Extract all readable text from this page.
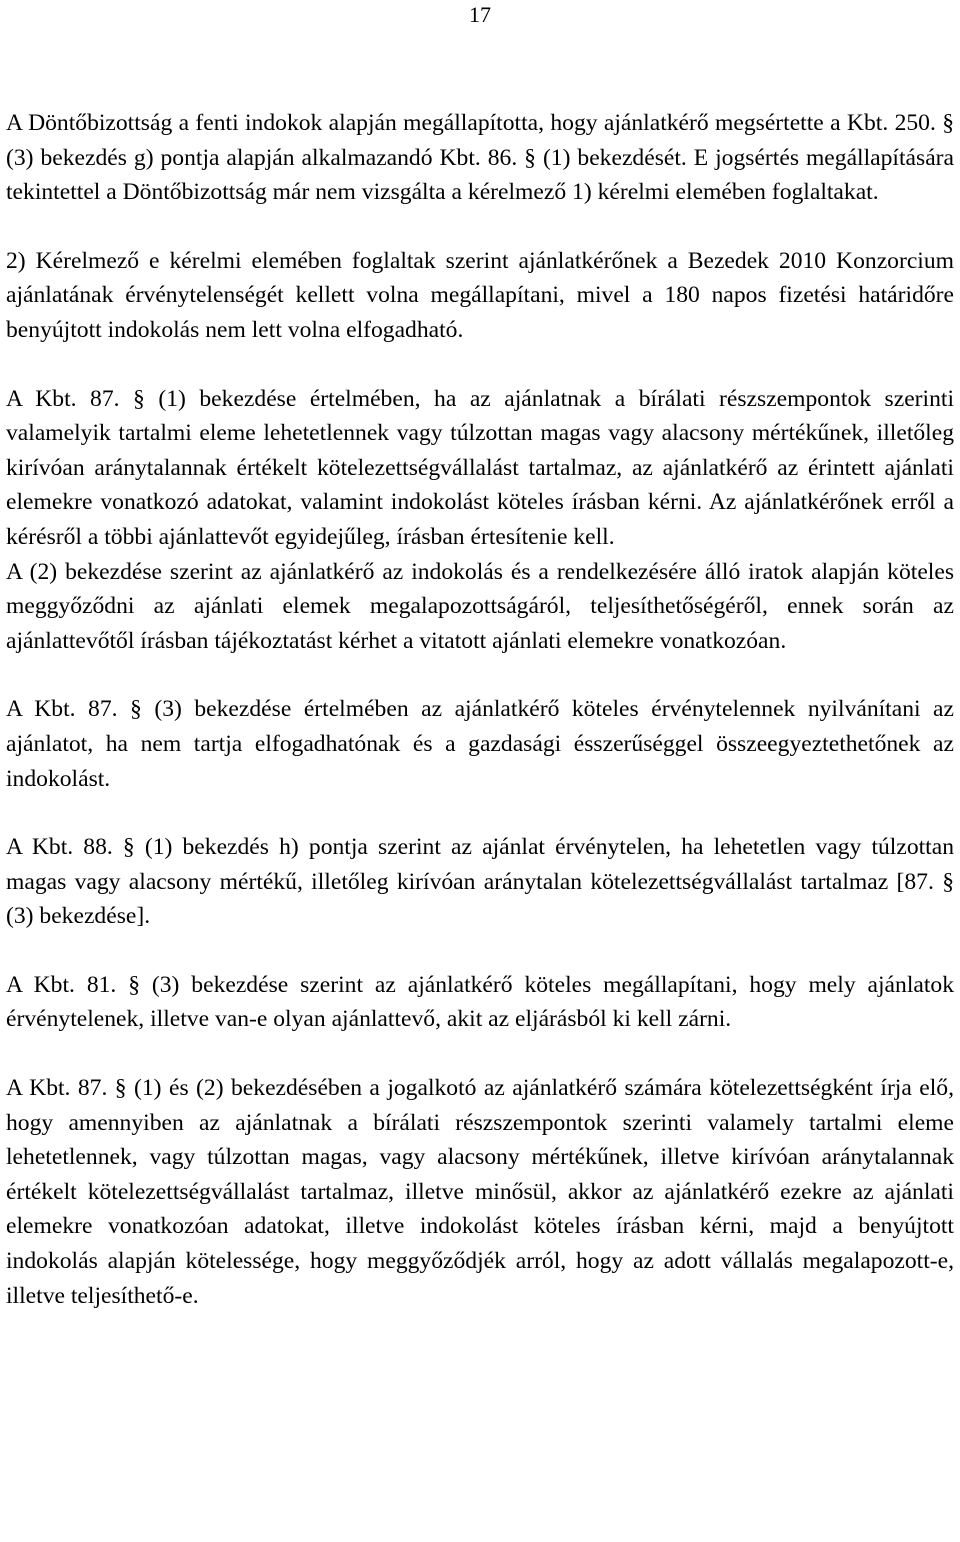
17

A Döntőbizottság a fenti indokok alapján megállapította, hogy ajánlatkérő megsértette a Kbt. 250. § (3) bekezdés g) pontja alapján alkalmazandó Kbt. 86. § (1) bekezdését. E jogsértés megállapítására tekintettel a Döntőbizottság már nem vizsgálta a kérelmező 1) kérelmi elemében foglaltakat.

2) Kérelmező e kérelmi elemében foglaltak szerint ajánlatkérőnek a Bezedek 2010 Konzorcium ajánlatának érvénytelenségét kellett volna megállapítani, mivel a 180 napos fizetési határidőre benyújtott indokolás nem lett volna elfogadható.

A Kbt. 87. § (1) bekezdése értelmében, ha az ajánlatnak a bírálati részszempontok szerinti valamelyik tartalmi eleme lehetetlennek vagy túlzottan magas vagy alacsony mértékűnek, illetőleg kirívóan aránytalannak értékelt kötelezettségvállalást tartalmaz, az ajánlatkérő az érintett ajánlati elemekre vonatkozó adatokat, valamint indokolást köteles írásban kérni. Az ajánlatkérőnek erről a kérésről a többi ajánlattevőt egyidejűleg, írásban értesítenie kell.

A (2) bekezdése szerint az ajánlatkérő az indokolás és a rendelkezésére álló iratok alapján köteles meggyőződni az ajánlati elemek megalapozottságáról, teljesíthetőségéről, ennek során az ajánlattevőtől írásban tájékoztatást kérhet a vitatott ajánlati elemekre vonatkozóan.

A Kbt. 87. § (3) bekezdése értelmében az ajánlatkérő köteles érvénytelennek nyilvánítani az ajánlatot, ha nem tartja elfogadhatónak és a gazdasági ésszerűséggel összeegyeztethetőnek az indokolást.

A Kbt. 88. § (1) bekezdés h) pontja szerint az ajánlat érvénytelen, ha lehetetlen vagy túlzottan magas vagy alacsony mértékű, illetőleg kirívóan aránytalan kötelezettségvállalást tartalmaz [87. § (3) bekezdése].

A Kbt. 81. § (3) bekezdése szerint az ajánlatkérő köteles megállapítani, hogy mely ajánlatok érvénytelenek, illetve van-e olyan ajánlattevő, akit az eljárásból ki kell zárni.

A Kbt. 87. § (1) és (2) bekezdésében a jogalkotó az ajánlatkérő számára kötelezettségként írja elő, hogy amennyiben az ajánlatnak a bírálati részszempontok szerinti valamely tartalmi eleme lehetetlennek, vagy túlzottan magas, vagy alacsony mértékűnek, illetve kirívóan aránytalannak értékelt kötelezettségvállalást tartalmaz, illetve minősül, akkor az ajánlatkérő ezekre az ajánlati elemekre vonatkozóan adatokat, illetve indokolást köteles írásban kérni, majd a benyújtott indokolás alapján kötelessége, hogy meggyőződjék arról, hogy az adott vállalás megalapozott-e, illetve teljesíthető-e.
